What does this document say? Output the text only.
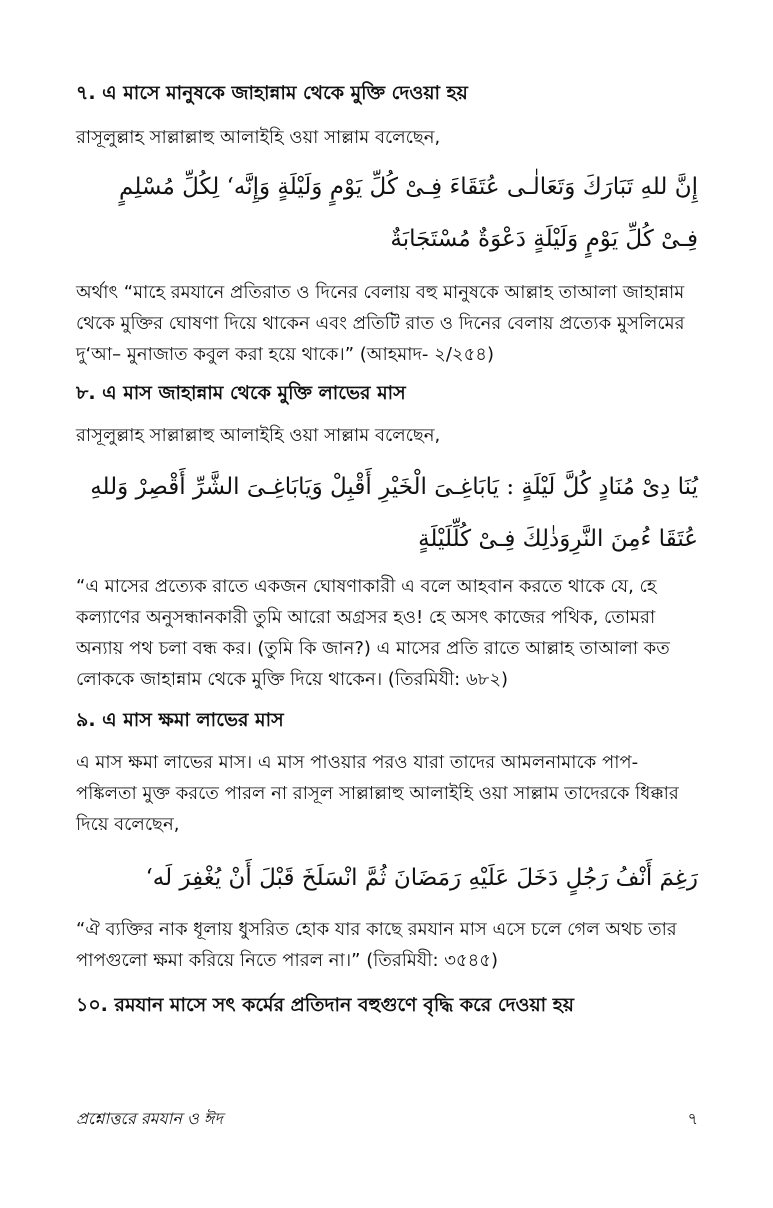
৭. এ মাসে মানুষকে জাহান্নাম থেকে মুক্তি দেওয়া হয়

রাসূলুল্লাহ সাল্লাল্লাহু আলাইহি ওয়া সাল্লাম বলেছেন,

إِنَّ للهِ تَبَارَكَ وَتَعَالٰـى عُتَقَاءَ فِـىْ كُلِّ يَوْمٍ وَلَيْلَةٍ وَإِنَّه‘ لِكُلِّ مُسْلِمٍ فِـىْ كُلِّ يَوْمٍ وَلَيْلَةٍ دَعْوَةٌ مُسْتَجَابَةٌ

অর্থাৎ “মাহে রমযানে প্রতিরাত ও দিনের বেলায় বহু মানুষকে আল্লাহ তাআলা জাহান্নাম থেকে মুক্তির ঘোষণা দিয়ে থাকেন এবং প্রতিটি রাত ও দিনের বেলায় প্রত্যেক মুসলিমের দু‘আ– মুনাজাত কবুল করা হয়ে থাকে।” (আহমাদ- ২/২৫৪)

৮. এ মাস জাহান্নাম থেকে মুক্তি লাভের মাস

রাসূলুল্লাহ সাল্লাল্লাহু আলাইহি ওয়া সাল্লাম বলেছেন,

يُنَا دِىْ مُنَادٍ كُلَّ لَيْلَةٍ : يَابَاغِـىَ الْخَيْرِ أَقْبِلْ وَيَابَاغِـىَ الشَّرِّ أَقْصِرْ وَللهِ عُتَقَا ءُمِنَ النَّرِوَذٰلِكَ فِـىْ كُلِّلَيْلَةٍ

“এ মাসের প্রত্যেক রাতে একজন ঘোষণাকারী এ বলে আহবান করতে থাকে যে, হে কল্যাণের অনুসন্ধানকারী তুমি আরো অগ্রসর হও! হে অসৎ কাজের পথিক, তোমরা অন্যায় পথ চলা বন্ধ কর। (তুমি কি জান?) এ মাসের প্রতি রাতে আল্লাহ তাআলা কত লোককে জাহান্নাম থেকে মুক্তি দিয়ে থাকেন। (তিরমিযী: ৬৮২)

৯. এ মাস ক্ষমা লাভের মাস

এ মাস ক্ষমা লাভের মাস। এ মাস পাওয়ার পরও যারা তাদের আমলনামাকে পাপ-পঙ্কিলতা মুক্ত করতে পারল না রাসূল সাল্লাল্লাহু আলাইহি ওয়া সাল্লাম তাদেরকে ধিক্কার দিয়ে বলেছেন,

رَغِمَ أَنْفُ رَجُلٍ دَخَلَ عَلَيْهِ رَمَضَانَ ثُمَّ انْسَلَخَ قَبْلَ أَنْ يُغْفِرَ لَه‘

“ঐ ব্যক্তির নাক ধূলায় ধুসরিত হোক যার কাছে রমযান মাস এসে চলে গেল অথচ তার পাপগুলো ক্ষমা করিয়ে নিতে পারল না।” (তিরমিযী: ৩৫৪৫)

১০. রমযান মাসে সৎ কর্মের প্রতিদান বহুগুণে বৃদ্ধি করে দেওয়া হয়
প্রশ্নোত্তরে রমযান ও ঈদ	৭
